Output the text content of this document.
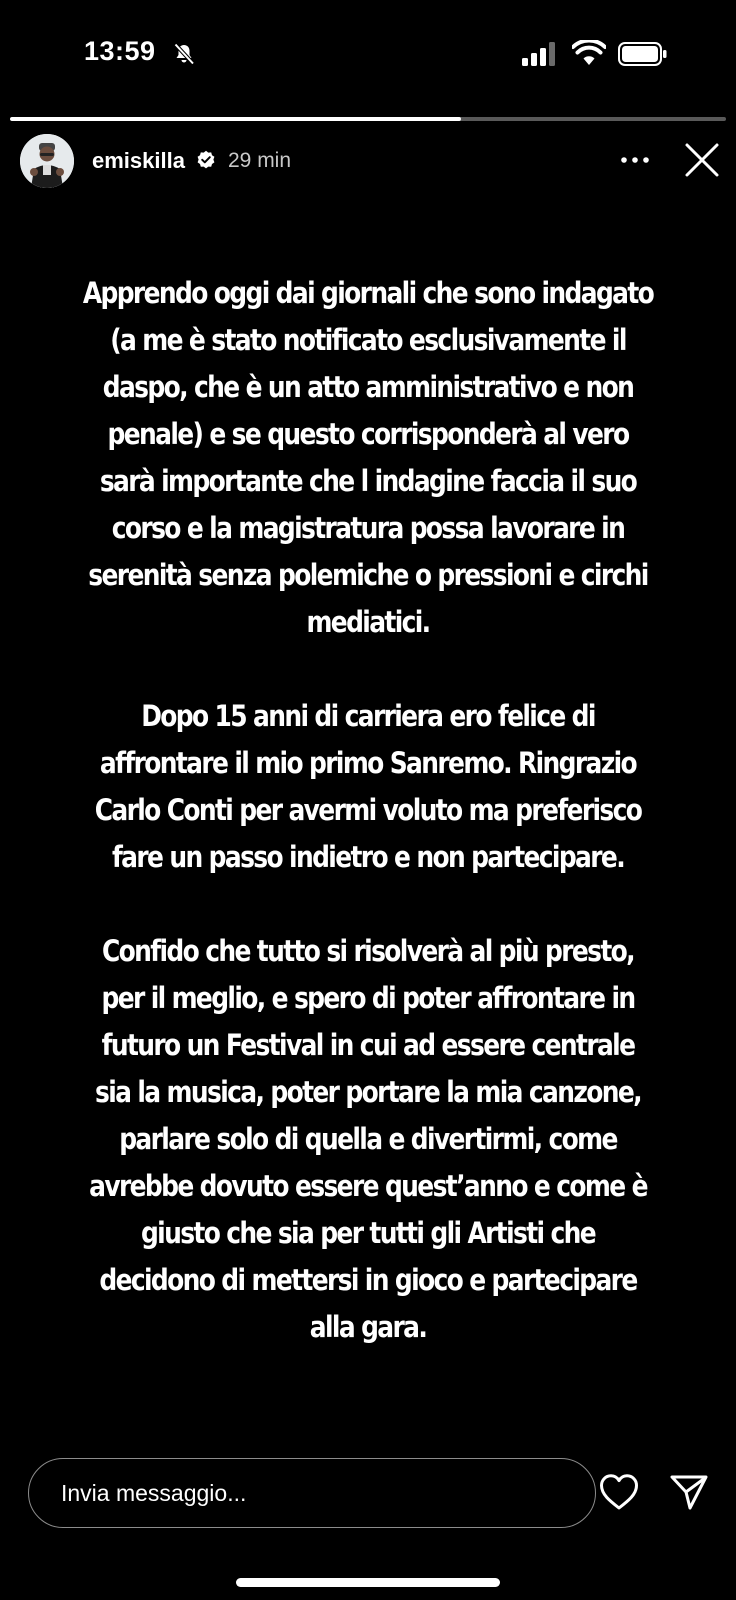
13:59
emiskilla 29 min

Apprendo oggi dai giornali che sono indagato (a me è stato notificato esclusivamente il daspo, che è un atto amministrativo e non penale) e se questo corrisponderà al vero sarà importante che l indagine faccia il suo corso e la magistratura possa lavorare in serenità senza polemiche o pressioni e circhi mediatici.

Dopo 15 anni di carriera ero felice di affrontare il mio primo Sanremo. Ringrazio Carlo Conti per avermi voluto ma preferisco fare un passo indietro e non partecipare.

Confido che tutto si risolverà al più presto, per il meglio, e spero di poter affrontare in futuro un Festival in cui ad essere centrale sia la musica, poter portare la mia canzone, parlare solo di quella e divertirmi, come avrebbe dovuto essere quest’anno e come è giusto che sia per tutti gli Artisti che decidono di mettersi in gioco e partecipare alla gara.

Invia messaggio...
